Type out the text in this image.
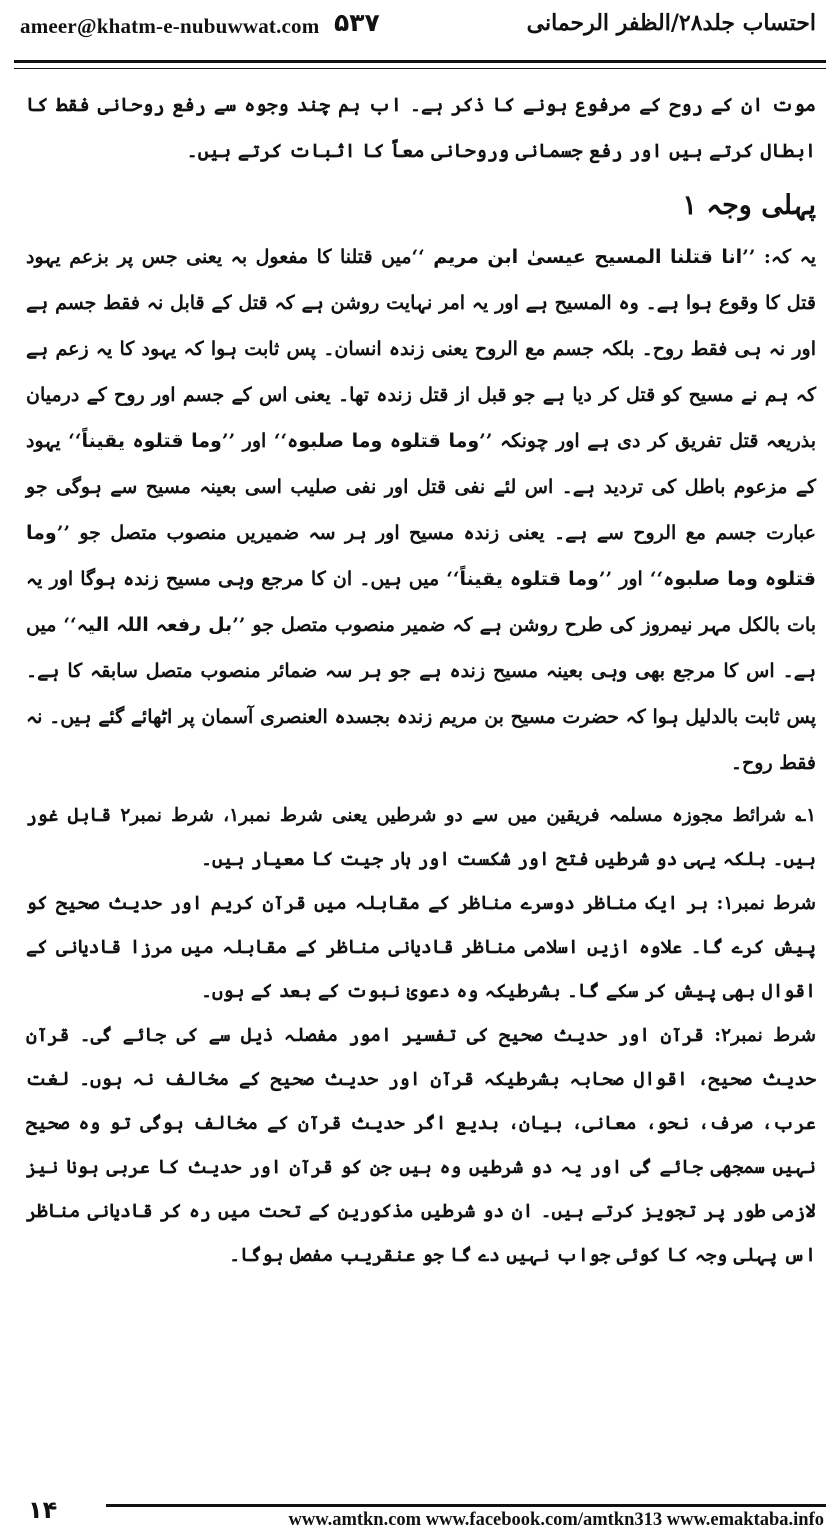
ameer@khatm-e-nubuwwat.com ۵۳۷	احتساب جلد۲۸/الظفر الرحمانی

موت ان کے روح کے مرفوع ہونے کا ذکر ہے۔ اب ہم چند وجوہ سے رفع روحانی فقط کا ابطال کرتے ہیں اور رفع جسمانی وروحانی معاً کا اثبات کرتے ہیں۔

پہلی وجہ ۱

یہ کہ: ’’انا قتلنا المسیح عیسیٰ ابن مریم ‘‘میں قتلنا کا مفعول بہ یعنی جس پر بزعم یہود قتل کا وقوع ہوا ہے۔ وہ المسیح ہے اور یہ امر نہایت روشن ہے کہ قتل کے قابل نہ فقط جسم ہے اور نہ ہی فقط روح۔ بلکہ جسم مع الروح یعنی زندہ انسان۔ پس ثابت ہوا کہ یہود کا یہ زعم ہے کہ ہم نے مسیح کو قتل کر دیا ہے جو قبل از قتل زندہ تھا۔ یعنی اس کے جسم اور روح کے درمیان بذریعہ قتل تفریق کر دی ہے اور چونکہ ’’وما قتلوہ وما صلبوہ‘‘ اور ’’وما قتلوہ یقیناً‘‘ یہود کے مزعوم باطل کی تردید ہے۔ اس لئے نفی قتل اور نفی صلیب اسی بعینہ مسیح سے ہوگی جو عبارت جسم مع الروح سے ہے۔ یعنی زندہ مسیح اور ہر سہ ضمیریں منصوب متصل جو ’’وما قتلوہ وما صلبوہ‘‘ اور ’’وما قتلوہ یقیناً‘‘ میں ہیں۔ ان کا مرجع وہی مسیح زندہ ہوگا اور یہ بات بالکل مہر نیمروز کی طرح روشن ہے کہ ضمیر منصوب متصل جو ’’بل رفعہ اللہ الیہ‘‘ میں ہے۔ اس کا مرجع بھی وہی بعینہ مسیح زندہ ہے جو ہر سہ ضمائر منصوب متصل سابقہ کا ہے۔ پس ثابت بالدلیل ہوا کہ حضرت مسیح بن مریم زندہ بجسدہ العنصری آسمان پر اٹھائے گئے ہیں۔ نہ فقط روح۔

۱؎ شرائط مجوزہ مسلمہ فریقین میں سے دو شرطیں یعنی شرط نمبر۱، شرط نمبر۲ قابل غور ہیں۔ بلکہ یہی دو شرطیں فتح اور شکست اور ہار جیت کا معیار ہیں۔
شرط نمبر۱: ہر ایک مناظر دوسرے مناظر کے مقابلہ میں قرآن کریم اور حدیث صحیح کو پیش کرے گا۔ علاوہ ازیں اسلامی مناظر قادیانی مناظر کے مقابلہ میں مرزا قادیانی کے اقوال بھی پیش کر سکے گا۔ بشرطیکہ وہ دعویٰ نبوت کے بعد کے ہوں۔
شرط نمبر۲: قرآن اور حدیث صحیح کی تفسیر امور مفصلہ ذیل سے کی جائے گی۔ قرآن حدیث صحیح، اقوال صحابہ بشرطیکہ قرآن اور حدیث صحیح کے مخالف نہ ہوں۔ لغت عرب، صرف، نحو، معانی، بیان، بدیع اگر حدیث قرآن کے مخالف ہوگی تو وہ صحیح نہیں سمجھی جائے گی اور یہ دو شرطیں وہ ہیں جن کو قرآن اور حدیث کا عربی ہونا نیز لازمی طور پر تجویز کرتے ہیں۔ ان دو شرطیں مذکورین کے تحت میں رہ کر قادیانی مناظر اس پہلی وجہ کا کوئی جواب نہیں دے گا جو عنقریب مفصل ہوگا۔
۱۴	www.amtkn.com www.facebook.com/amtkn313 www.emaktaba.info
